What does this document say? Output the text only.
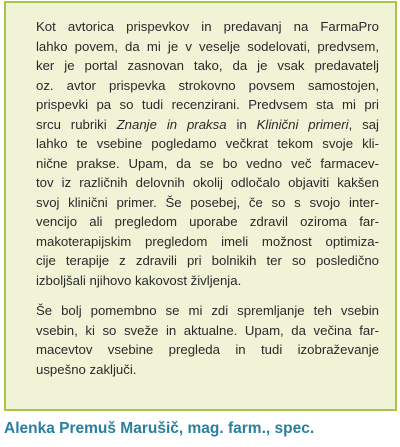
Kot avtorica prispevkov in predavanj na FarmaPro
lahko povem, da mi je v veselje sodelovati, predvsem,
ker je portal zasnovan tako, da je vsak predavatelj
oz. avtor prispevka strokovno povsem samostojen,
prispevki pa so tudi recenzirani. Predvsem sta mi pri
srcu rubriki Znanje in praksa in Klinični primeri, saj
lahko te vsebine pogledamo večkrat tekom svoje kli-
nične prakse. Upam, da se bo vedno več farmacev-
tov iz različnih delovnih okolij odločalo objaviti kakšen
svoj klinični primer. Še posebej, če so s svojo inter-
vencijo ali pregledom uporabe zdravil oziroma far-
makoterapijskim pregledom imeli možnost optimiza-
cije terapije z zdravili pri bolnikih ter so posledično
izboljšali njihovo kakovost življenja.

Še bolj pomembno se mi zdi spremljanje teh vsebin
vsebin, ki so sveže in aktualne. Upam, da večina far-
macevtov vsebine pregleda in tudi izobraževanje
uspešno zaključi.

Alenka Premuš Marušič, mag. farm., spec.
